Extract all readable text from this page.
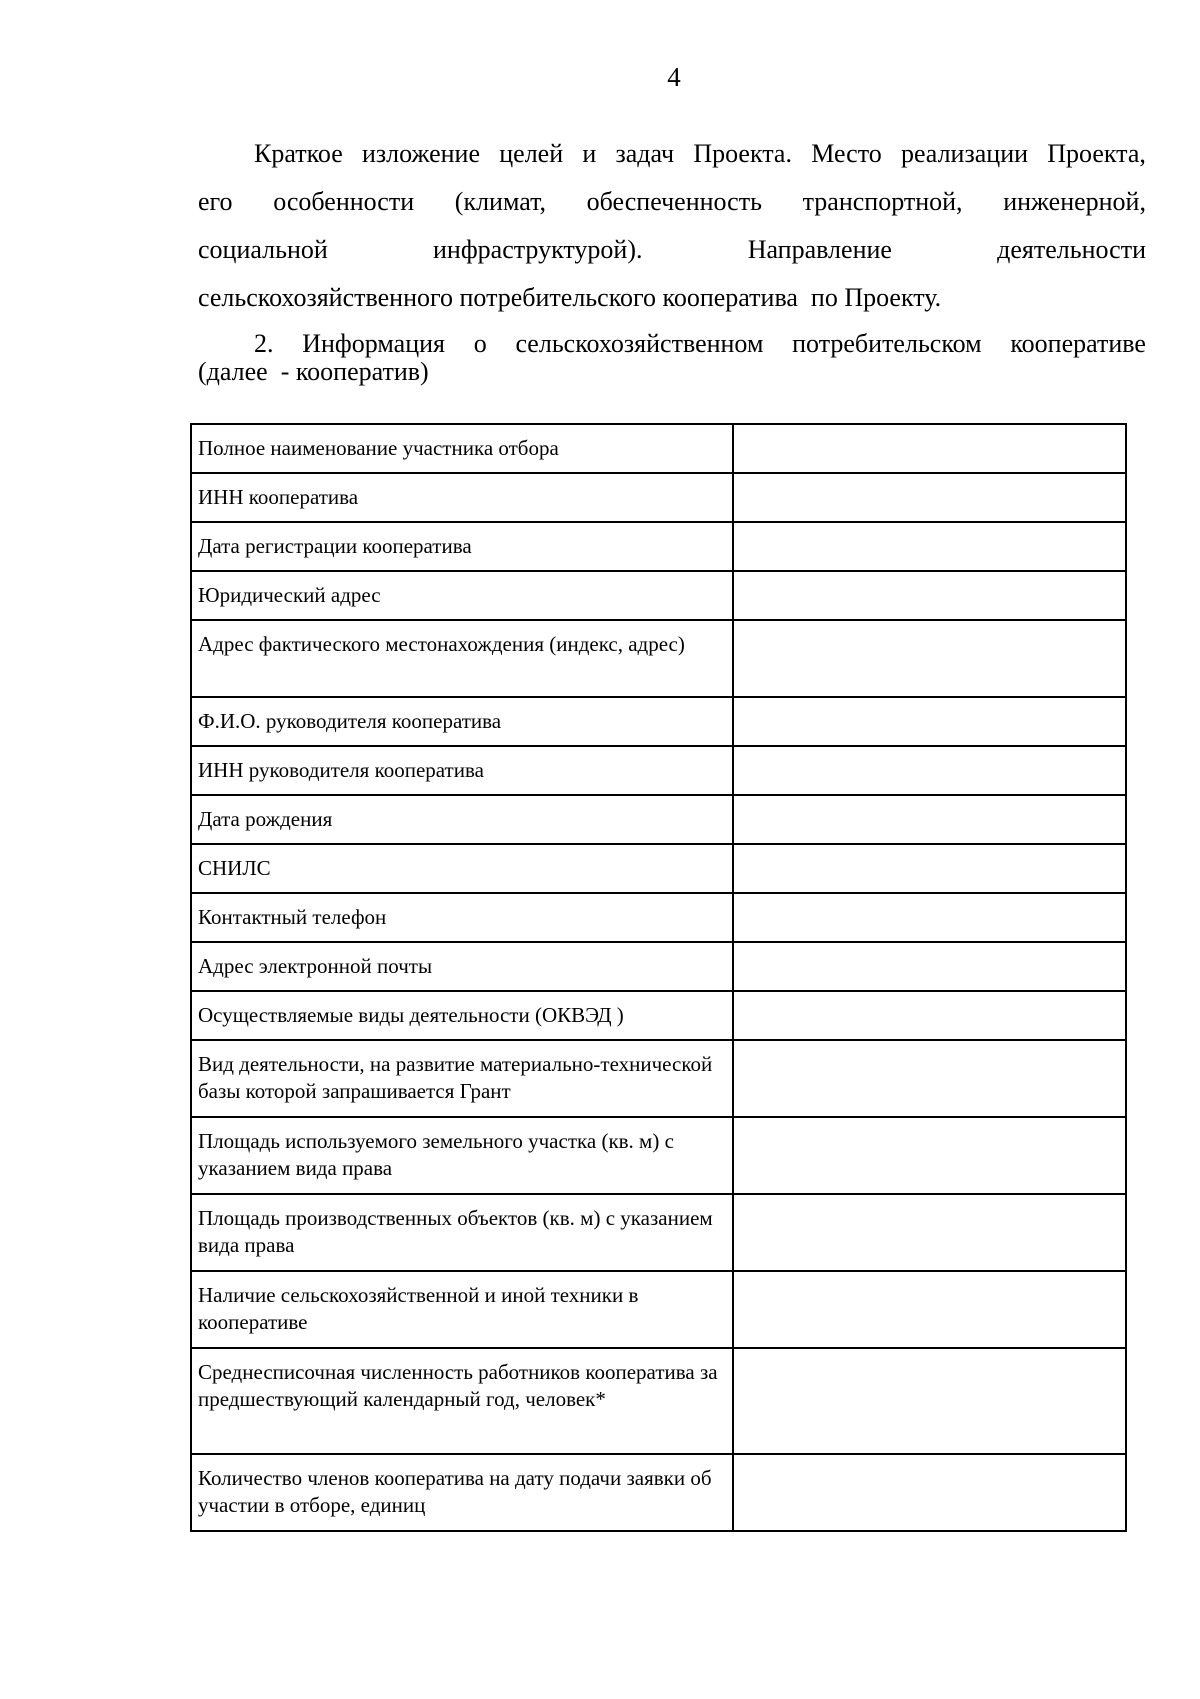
4
Краткое изложение целей и задач Проекта. Место реализации Проекта,
его особенности (климат, обеспеченность транспортной, инженерной,
социальной	инфраструктурой).	Направление	деятельности
сельскохозяйственного потребительского кооператива  по Проекту.
2. Информация о сельскохозяйственном потребительском кооперативе
(далее  - кооператив)
Полное наименование участника отбора	
ИНН кооператива	
Дата регистрации кооператива	
Юридический адрес	
Адрес фактического местонахождения (индекс, адрес)	
Ф.И.О. руководителя кооператива	
ИНН руководителя кооператива	
Дата рождения	
СНИЛС	
Контактный телефон	
Адрес электронной почты	
Осуществляемые виды деятельности (ОКВЭД )	
Вид деятельности, на развитие материально-технической базы которой запрашивается Грант	
Площадь используемого земельного участка (кв. м) с указанием вида права	
Площадь производственных объектов (кв. м) с указанием вида права	
Наличие сельскохозяйственной и иной техники в кооперативе	
Среднесписочная численность работников кооператива за предшествующий календарный год, человек*	
Количество членов кооператива на дату подачи заявки об участии в отборе, единиц	
